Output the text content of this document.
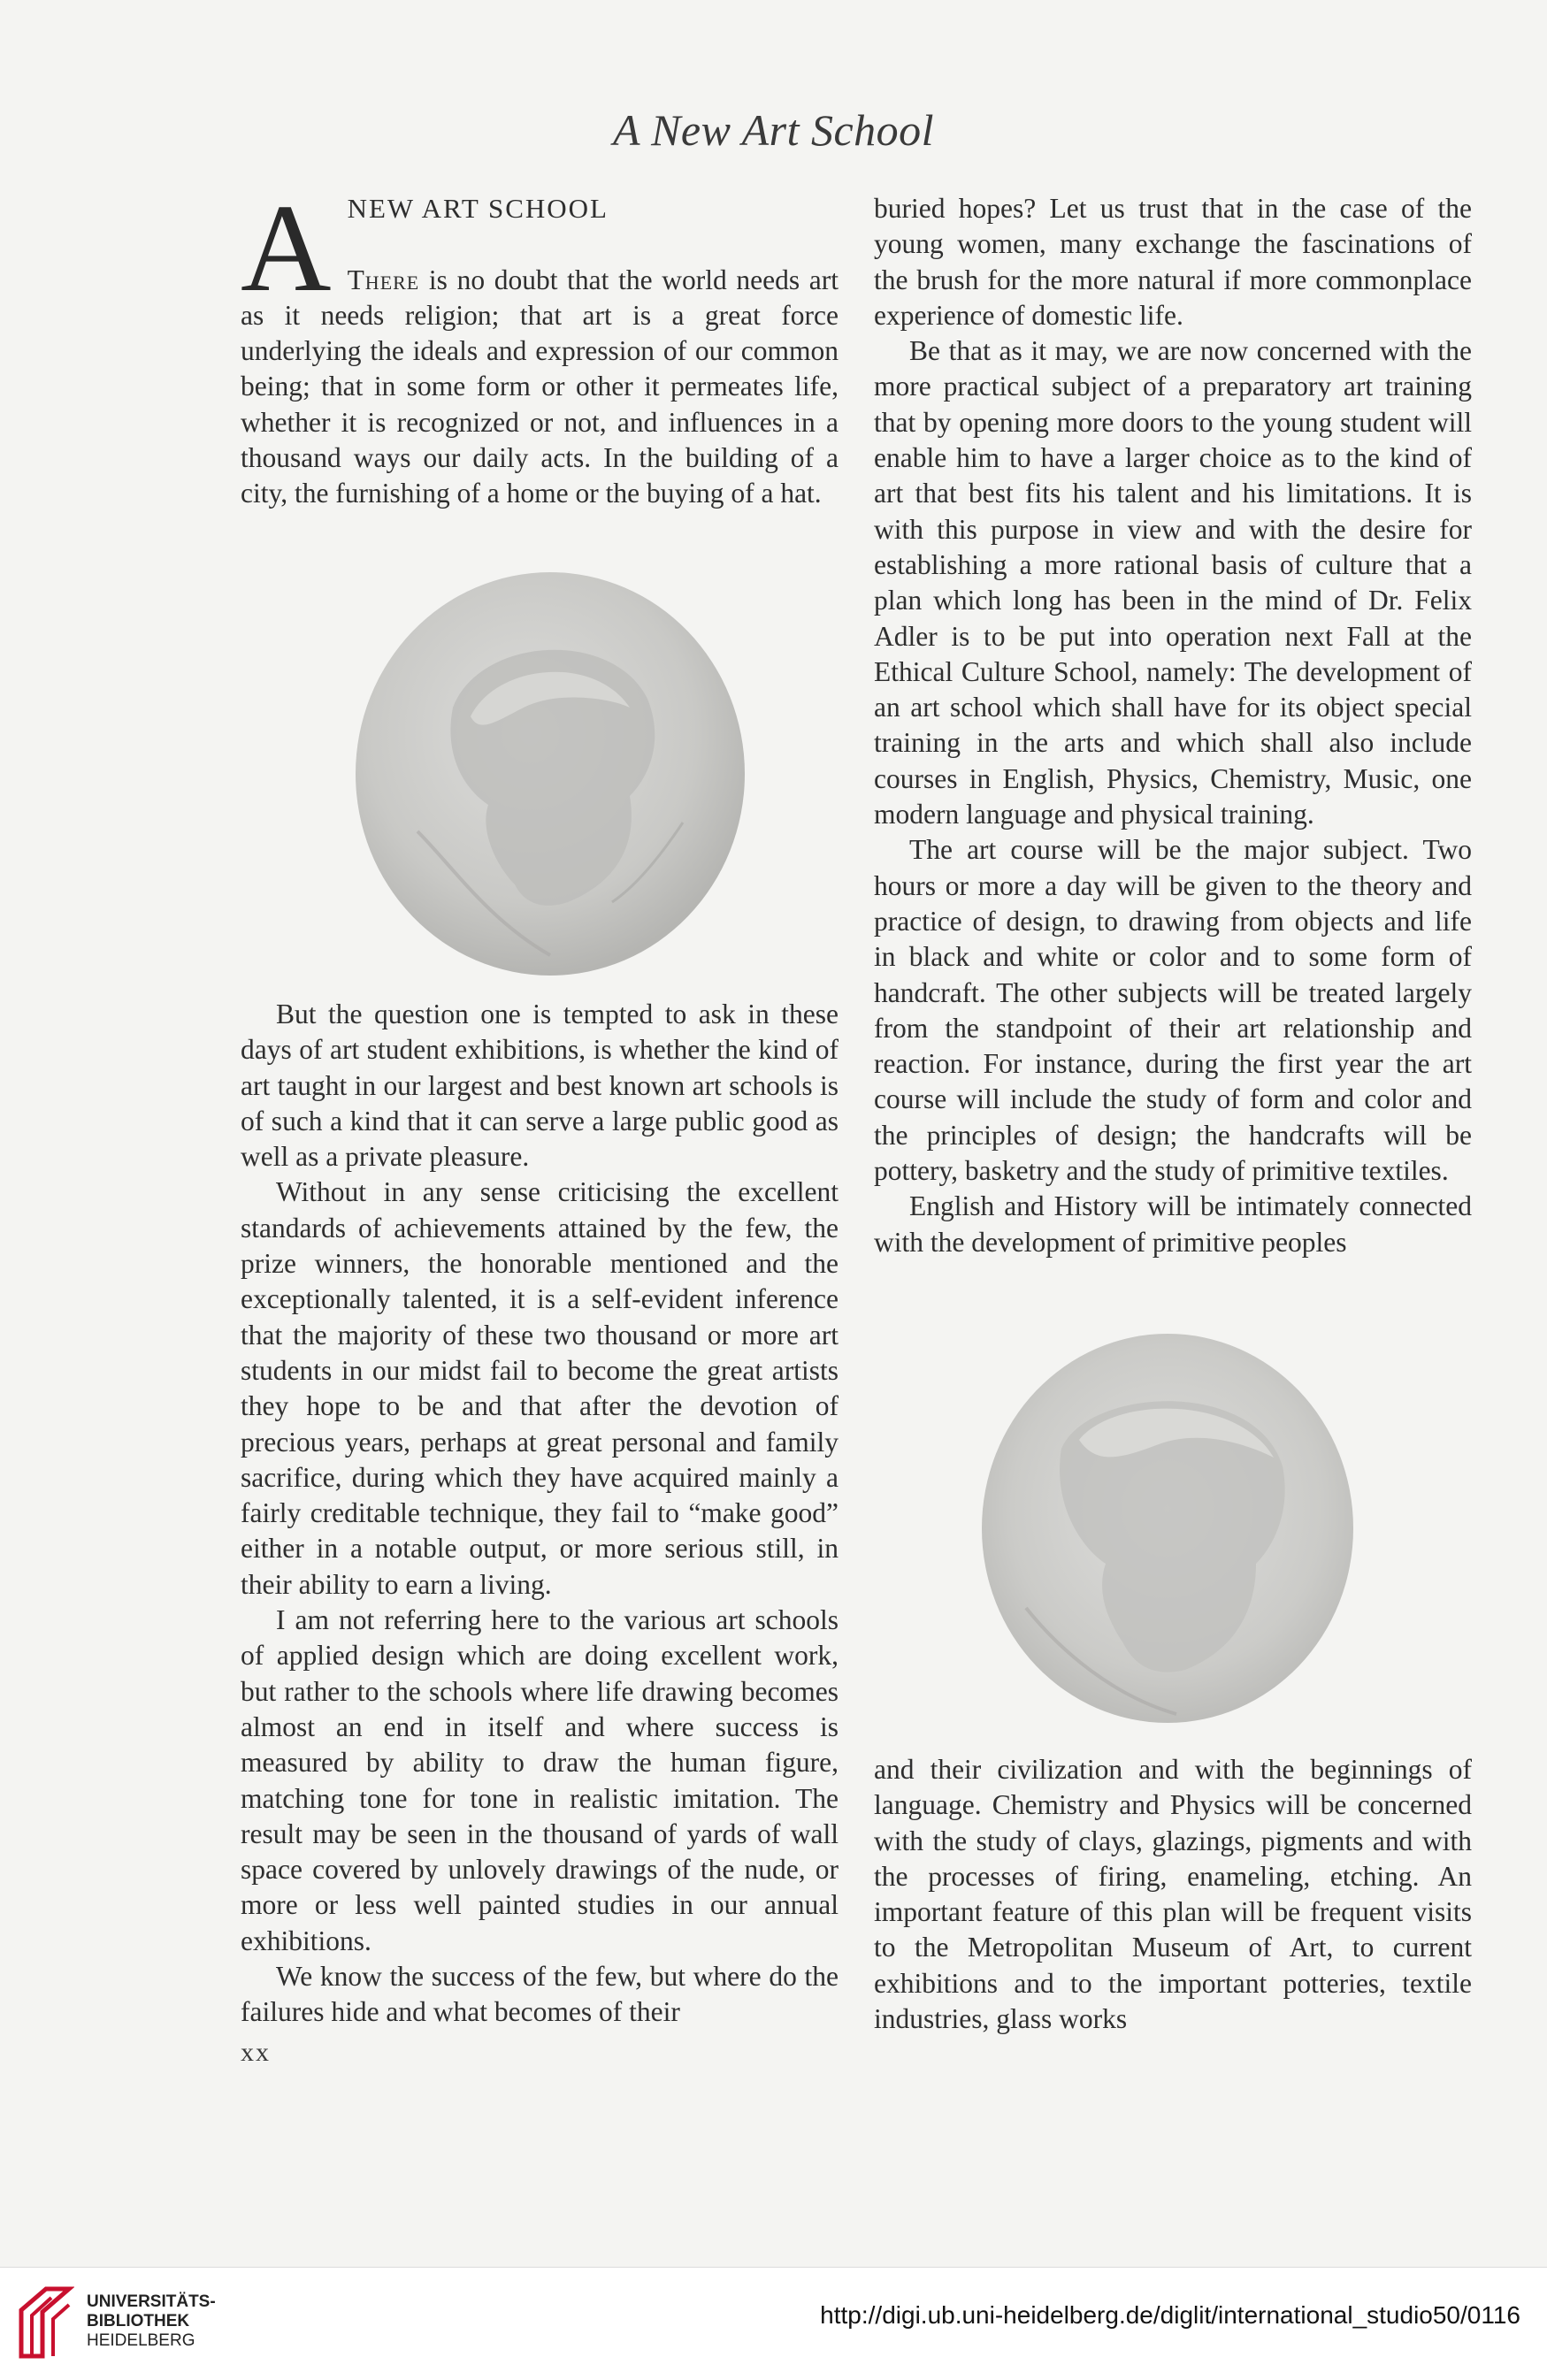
A New Art School

A NEW ART SCHOOL

There is no doubt that the world needs art as it needs religion; that art is a great force underlying the ideals and expression of our common being; that in some form or other it permeates life, whether it is recognized or not, and influences in a thousand ways our daily acts. In the building of a city, the furnishing of a home or the buying of a hat.

But the question one is tempted to ask in these days of art student exhibitions, is whether the kind of art taught in our largest and best known art schools is of such a kind that it can serve a large public good as well as a private pleasure.

Without in any sense criticising the excellent standards of achievements attained by the few, the prize winners, the honorable mentioned and the exceptionally talented, it is a self-evident inference that the majority of these two thousand or more art students in our midst fail to become the great artists they hope to be and that after the devotion of precious years, perhaps at great personal and family sacrifice, during which they have acquired mainly a fairly creditable technique, they fail to “make good” either in a notable output, or more serious still, in their ability to earn a living.

I am not referring here to the various art schools of applied design which are doing excellent work, but rather to the schools where life drawing becomes almost an end in itself and where success is measured by ability to draw the human figure, matching tone for tone in realistic imitation. The result may be seen in the thousand of yards of wall space covered by unlovely drawings of the nude, or more or less well painted studies in our annual exhibitions.

We know the success of the few, but where do the failures hide and what becomes of their

buried hopes? Let us trust that in the case of the young women, many exchange the fascinations of the brush for the more natural if more commonplace experience of domestic life.

Be that as it may, we are now concerned with the more practical subject of a preparatory art training that by opening more doors to the young student will enable him to have a larger choice as to the kind of art that best fits his talent and his limitations. It is with this purpose in view and with the desire for establishing a more rational basis of culture that a plan which long has been in the mind of Dr. Felix Adler is to be put into operation next Fall at the Ethical Culture School, namely: The development of an art school which shall have for its object special training in the arts and which shall also include courses in English, Physics, Chemistry, Music, one modern language and physical training.

The art course will be the major subject. Two hours or more a day will be given to the theory and practice of design, to drawing from objects and life in black and white or color and to some form of handcraft. The other subjects will be treated largely from the standpoint of their art relationship and reaction. For instance, during the first year the art course will include the study of form and color and the principles of design; the handcrafts will be pottery, basketry and the study of primitive textiles.

English and History will be intimately connected with the development of primitive peoples

and their civilization and with the beginnings of language. Chemistry and Physics will be concerned with the study of clays, glazings, pigments and with the processes of firing, enameling, etching. An important feature of this plan will be frequent visits to the Metropolitan Museum of Art, to current exhibitions and to the important potteries, textile industries, glass works

xx
UNIVERSITÄTS-
BIBLIOTHEK
HEIDELBERG
http://digi.ub.uni-heidelberg.de/diglit/international_studio50/0116
